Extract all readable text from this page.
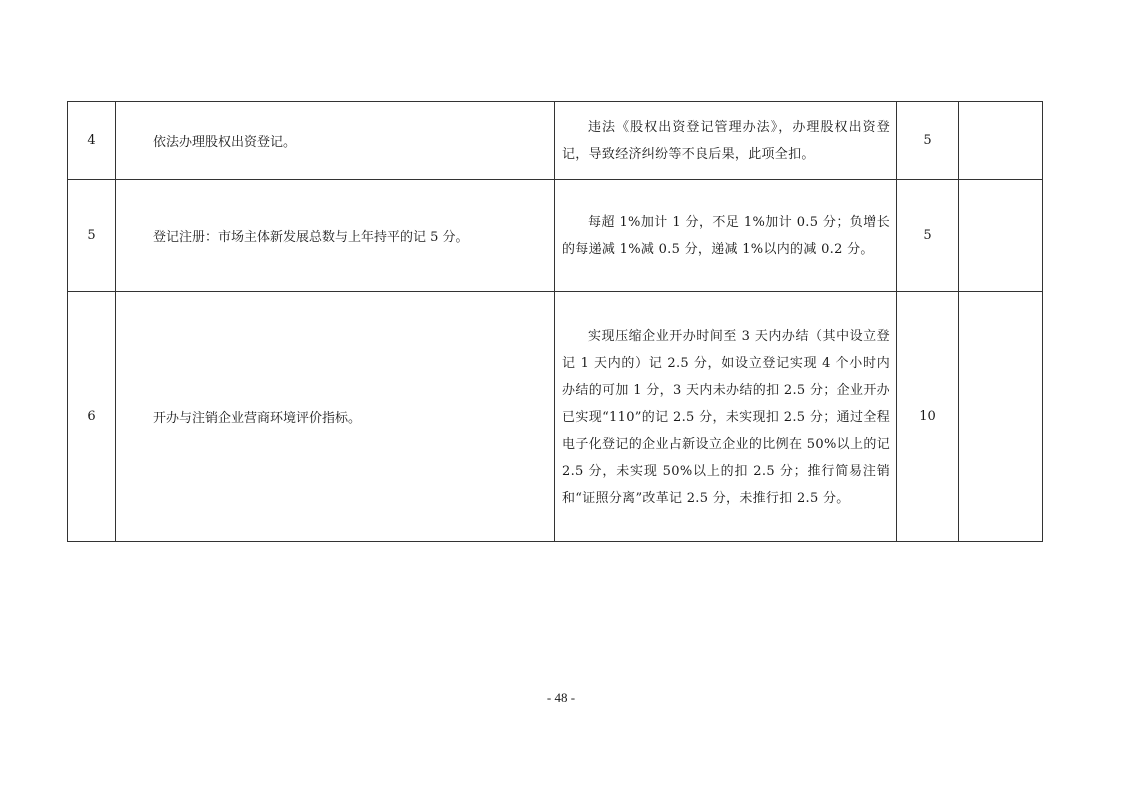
4	依法办理股权出资登记。	违法《股权出资登记管理办法》，办理股权出资登记，导致经济纠纷等不良后果，此项全扣。	5	
5	登记注册：市场主体新发展总数与上年持平的记 5 分。	每超 1%加计 1 分，不足 1%加计 0.5 分；负增长的每递减 1%减 0.5 分，递减 1%以内的减 0.2 分。	5	
6	开办与注销企业营商环境评价指标。	实现压缩企业开办时间至 3 天内办结（其中设立登记 1 天内的）记 2.5 分，如设立登记实现 4 个小时内办结的可加 1 分，3 天内未办结的扣 2.5 分；企业开办已实现“110”的记 2.5 分，未实现扣 2.5 分；通过全程电子化登记的企业占新设立企业的比例在 50%以上的记 2.5 分，未实现 50%以上的扣 2.5 分；推行简易注销和“证照分离”改革记 2.5 分，未推行扣 2.5 分。	10	
- 48 -
